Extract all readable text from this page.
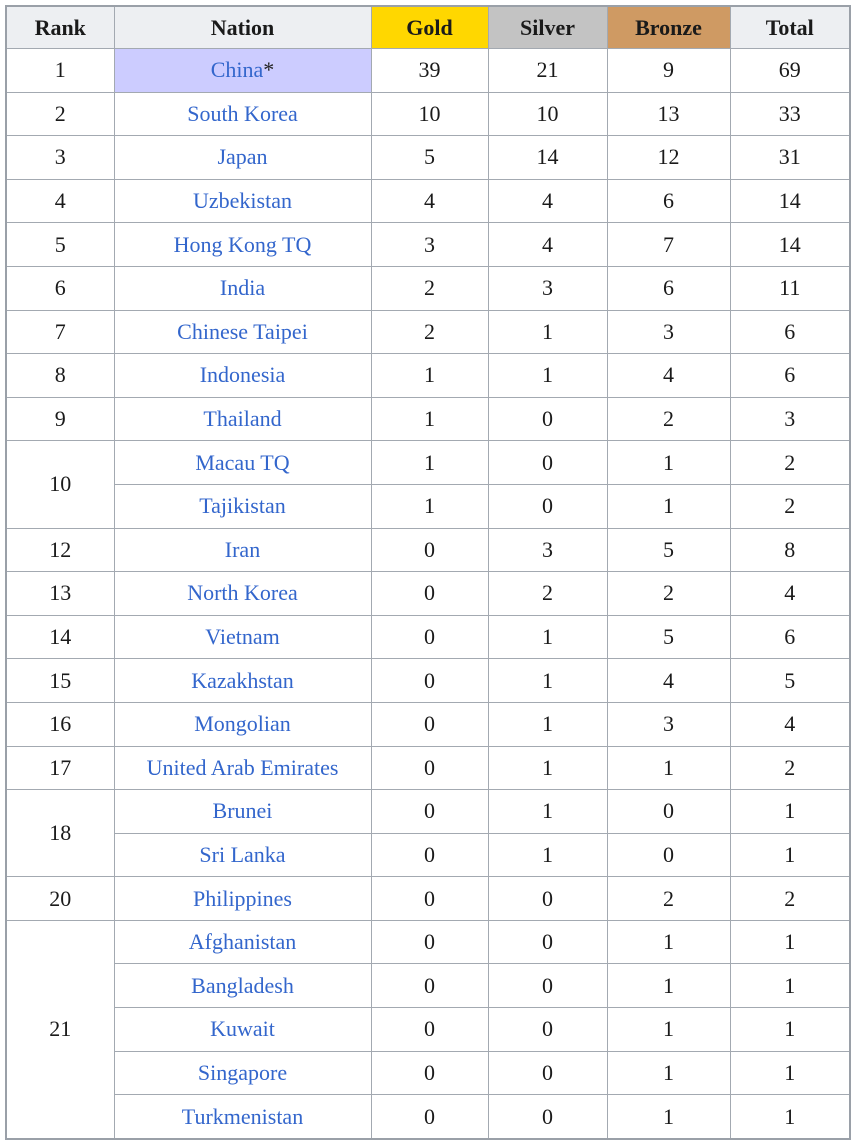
Rank	Nation	Gold	Silver	Bronze	Total
1	China*	39	21	9	69
2	South Korea	10	10	13	33
3	Japan	5	14	12	31
4	Uzbekistan	4	4	6	14
5	Hong Kong TQ	3	4	7	14
6	India	2	3	6	11
7	Chinese Taipei	2	1	3	6
8	Indonesia	1	1	4	6
9	Thailand	1	0	2	3
10	Macau TQ	1	0	1	2
	Tajikistan	1	0	1	2
12	Iran	0	3	5	8
13	North Korea	0	2	2	4
14	Vietnam	0	1	5	6
15	Kazakhstan	0	1	4	5
16	Mongolian	0	1	3	4
17	United Arab Emirates	0	1	1	2
18	Brunei	0	1	0	1
	Sri Lanka	0	1	0	1
20	Philippines	0	0	2	2
21	Afghanistan	0	0	1	1
	Bangladesh	0	0	1	1
	Kuwait	0	0	1	1
	Singapore	0	0	1	1
	Turkmenistan	0	0	1	1
